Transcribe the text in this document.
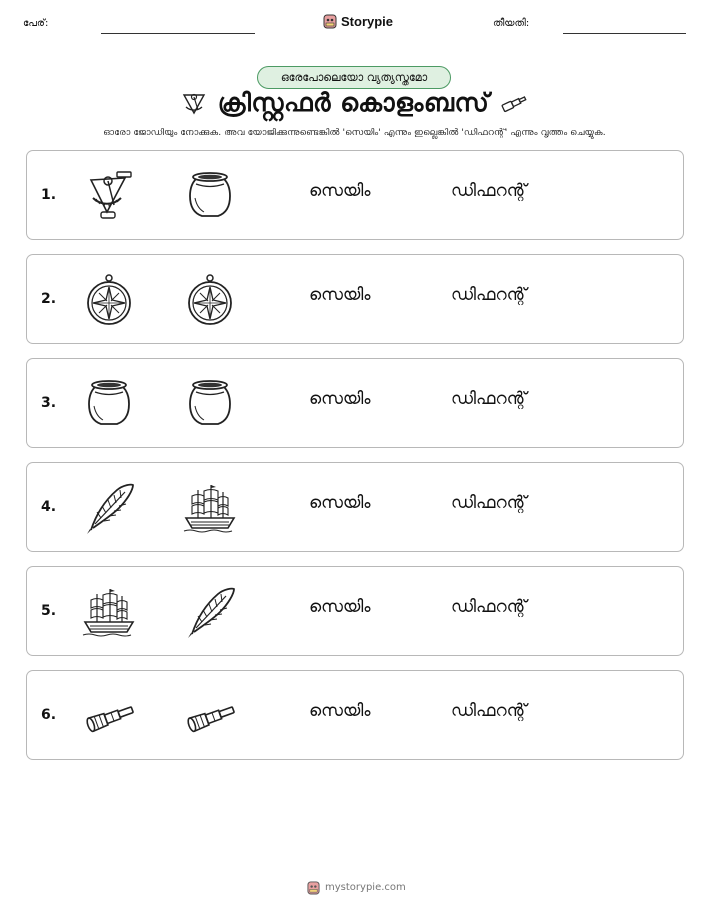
പേര്:	Storypie	തീയതി:
ഒരേപോലെയോ വ്യത്യസ്തമോ
ക്രിസ്റ്റഫർ കൊളംബസ്
ഓരോ ജോഡിയും നോക്കുക. അവ യോജിക്കുന്നുണ്ടെങ്കിൽ 'സെയിം' എന്നും ഇല്ലെങ്കിൽ 'ഡിഫറന്റ്' എന്നും വൃത്തം ചെയ്യുക.
1.	സെയിം	ഡിഫറന്റ്
2.	സെയിം	ഡിഫറന്റ്
3.	സെയിം	ഡിഫറന്റ്
4.	സെയിം	ഡിഫറന്റ്
5.	സെയിം	ഡിഫറന്റ്
6.	സെയിം	ഡിഫറന്റ്
mystorypie.com
